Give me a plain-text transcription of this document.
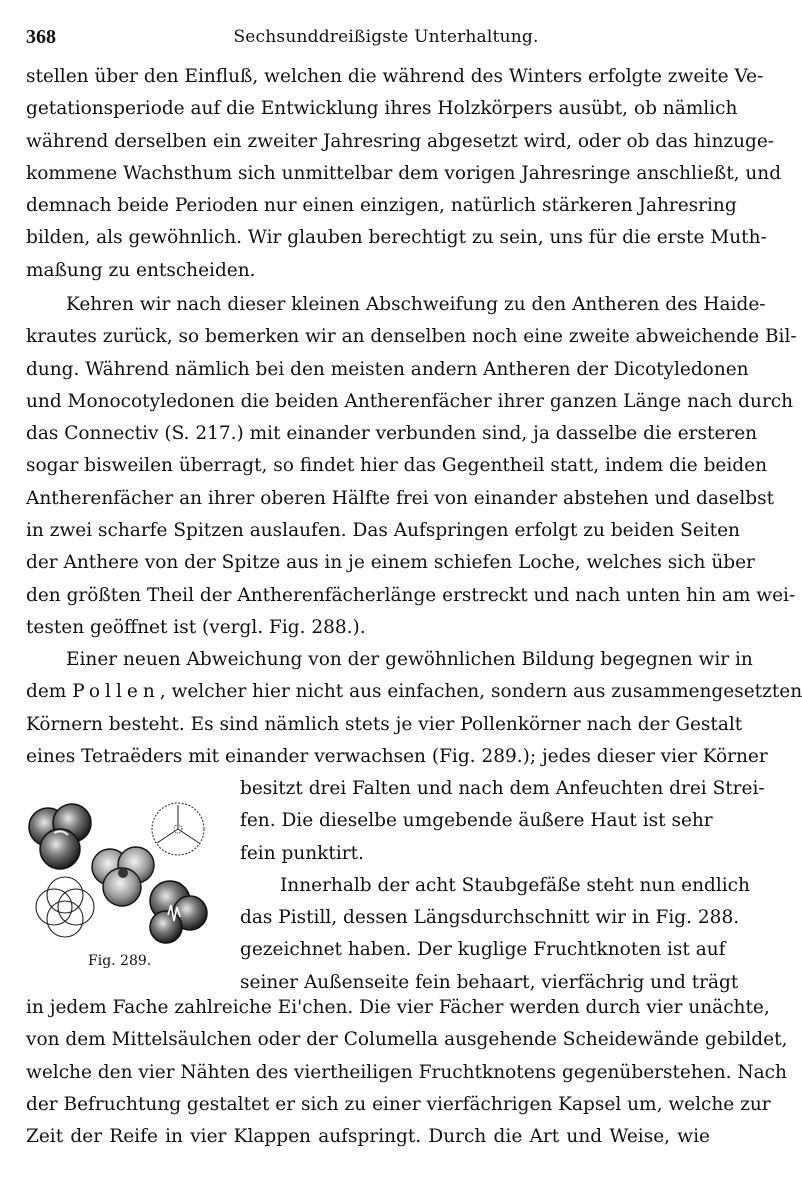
368	Sechsunddreißigste Unterhaltung.
stellen über den Einfluß, welchen die während des Winters erfolgte zweite Ve-
getationsperiode auf die Entwicklung ihres Holzkörpers ausübt, ob nämlich
während derselben ein zweiter Jahresring abgesetzt wird, oder ob das hinzuge-
kommene Wachsthum sich unmittelbar dem vorigen Jahresringe anschließt, und
demnach beide Perioden nur einen einzigen, natürlich stärkeren Jahresring
bilden, als gewöhnlich. Wir glauben berechtigt zu sein, uns für die erste Muth-
maßung zu entscheiden.
Kehren wir nach dieser kleinen Abschweifung zu den Antheren des Haide-
krautes zurück, so bemerken wir an denselben noch eine zweite abweichende Bil-
dung. Während nämlich bei den meisten andern Antheren der Dicotyledonen
und Monocotyledonen die beiden Antherenfächer ihrer ganzen Länge nach durch
das Connectiv (S. 217.) mit einander verbunden sind, ja dasselbe die ersteren
sogar bisweilen überragt, so findet hier das Gegentheil statt, indem die beiden
Antherenfächer an ihrer oberen Hälfte frei von einander abstehen und daselbst
in zwei scharfe Spitzen auslaufen. Das Aufspringen erfolgt zu beiden Seiten
der Anthere von der Spitze aus in je einem schiefen Loche, welches sich über
den größten Theil der Antherenfächerlänge erstreckt und nach unten hin am wei-
testen geöffnet ist (vergl. Fig. 288.).
Einer neuen Abweichung von der gewöhnlichen Bildung begegnen wir in
dem Pollen, welcher hier nicht aus einfachen, sondern aus zusammengesetzten
Körnern besteht. Es sind nämlich stets je vier Pollenkörner nach der Gestalt
eines Tetraëders mit einander verwachsen (Fig. 289.); jedes dieser vier Körner
Fig. 289.
besitzt drei Falten und nach dem Anfeuchten drei Strei-
fen. Die dieselbe umgebende äußere Haut ist sehr
fein punktirt.
Innerhalb der acht Staubgefäße steht nun endlich
das Pistill, dessen Längsdurchschnitt wir in Fig. 288.
gezeichnet haben. Der kuglige Fruchtknoten ist auf
seiner Außenseite fein behaart, vierfächrig und trägt
in jedem Fache zahlreiche Ei'chen. Die vier Fächer werden durch vier unächte,
von dem Mittelsäulchen oder der Columella ausgehende Scheidewände gebildet,
welche den vier Nähten des viertheiligen Fruchtknotens gegenüberstehen. Nach
der Befruchtung gestaltet er sich zu einer vierfächrigen Kapsel um, welche zur
Zeit der Reife in vier Klappen aufspringt. Durch die Art und Weise, wie
